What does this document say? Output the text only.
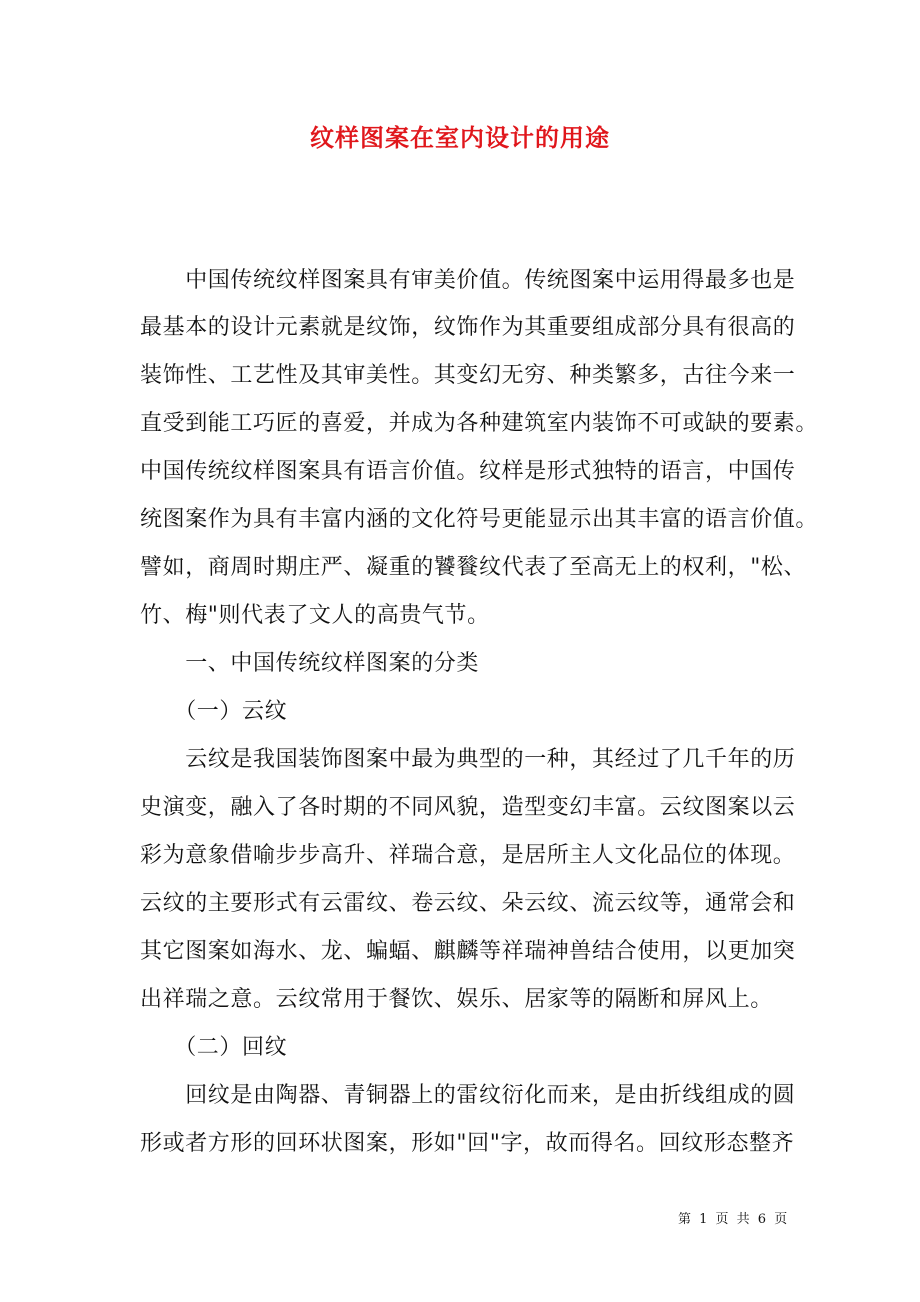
纹样图案在室内设计的用途
　　中国传统纹样图案具有审美价值。传统图案中运用得最多也是
最基本的设计元素就是纹饰，纹饰作为其重要组成部分具有很高的
装饰性、工艺性及其审美性。其变幻无穷、种类繁多，古往今来一
直受到能工巧匠的喜爱，并成为各种建筑室内装饰不可或缺的要素。
中国传统纹样图案具有语言价值。纹样是形式独特的语言，中国传
统图案作为具有丰富内涵的文化符号更能显示出其丰富的语言价值。
譬如，商周时期庄严、凝重的饕餮纹代表了至高无上的权利，"松、
竹、梅"则代表了文人的高贵气节。
　　一、中国传统纹样图案的分类
　　（一）云纹
　　云纹是我国装饰图案中最为典型的一种，其经过了几千年的历
史演变，融入了各时期的不同风貌，造型变幻丰富。云纹图案以云
彩为意象借喻步步高升、祥瑞合意，是居所主人文化品位的体现。
云纹的主要形式有云雷纹、卷云纹、朵云纹、流云纹等，通常会和
其它图案如海水、龙、蝙蝠、麒麟等祥瑞神兽结合使用，以更加突
出祥瑞之意。云纹常用于餐饮、娱乐、居家等的隔断和屏风上。
　　（二）回纹
　　回纹是由陶器、青铜器上的雷纹衍化而来，是由折线组成的圆
形或者方形的回环状图案，形如"回"字，故而得名。回纹形态整齐
第 1 页 共 6 页
